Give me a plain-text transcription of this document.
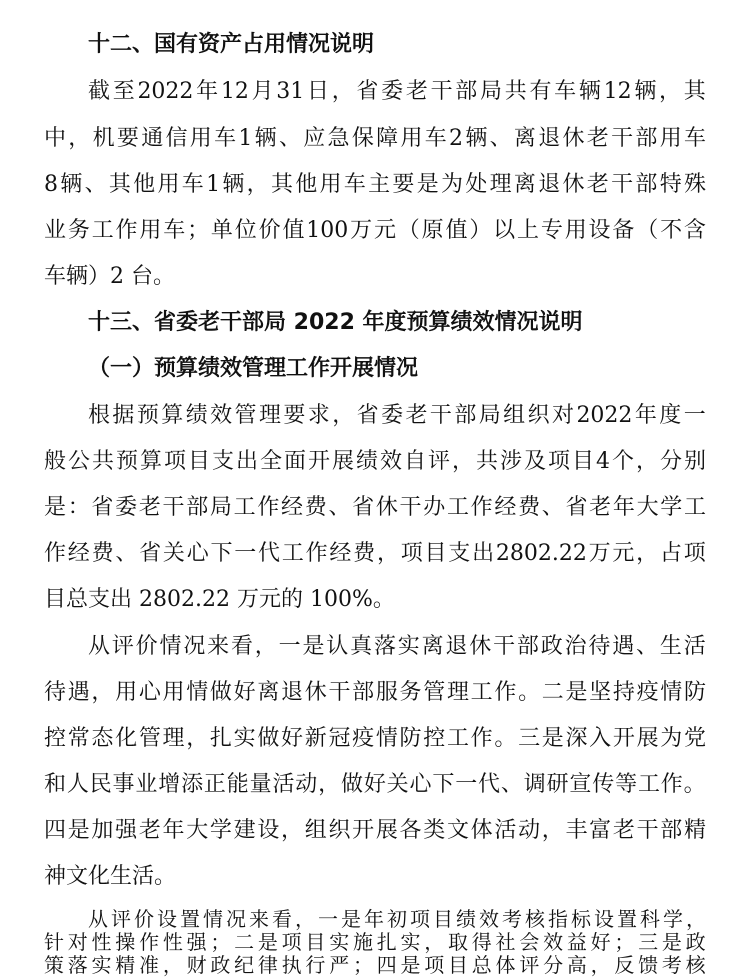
十二、国有资产占用情况说明
截 至 2022 年 12 月 31 日 ， 省 委 老 干 部 局 共 有 车 辆 12 辆 ， 其
中 ， 机 要 通 信 用 车 1 辆 、 应 急 保 障 用 车 2 辆 、 离 退 休 老 干 部 用 车
8 辆 、 其 他 用 车 1 辆 ， 其 他 用 车 主 要 是 为 处 理 离 退 休 老 干 部 特 殊
业 务 工 作 用 车 ； 单 位 价 值 100 万 元 （ 原 值 ） 以 上 专 用 设 备 （ 不 含
车辆）2 台。
十三、省委老干部局 2022 年度预算绩效情况说明
（一）预算绩效管理工作开展情况
根 据 预 算 绩 效 管 理 要 求 ， 省 委 老 干 部 局 组 织 对 2022 年 度 一
般 公 共 预 算 项 目 支 出 全 面 开 展 绩 效 自 评 ， 共 涉 及 项 目 4 个 ， 分 别
是 ： 省 委 老 干 部 局 工 作 经 费 、 省 休 干 办 工 作 经 费 、 省 老 年 大 学 工
作 经 费 、 省 关 心 下 一 代 工 作 经 费 ， 项 目 支 出 2802.22 万 元 ， 占 项
目总支出 2802.22 万元的 100%。
从 评 价 情 况 来 看 ， 一 是 认 真 落 实 离 退 休 干 部 政 治 待 遇 、 生 活
待 遇 ， 用 心 用 情 做 好 离 退 休 干 部 服 务 管 理 工 作 。 二 是 坚 持 疫 情 防
控 常 态 化 管 理 ， 扎 实 做 好 新 冠 疫 情 防 控 工 作 。 三 是 深 入 开 展 为 党
和 人 民 事 业 增 添 正 能 量 活 动 ， 做 好 关 心 下 一 代 、 调 研 宣 传 等 工 作 。
四 是 加 强 老 年 大 学 建 设 ， 组 织 开 展 各 类 文 体 活 动 ， 丰 富 老 干 部 精
神文化生活。
从 评 价 设 置 情 况 来 看 ， 一 是 年 初 项 目 绩 效 考 核 指 标 设 置 科 学 ，
针 对 性 操 作 性 强 ； 二 是 项 目 实 施 扎 实 ， 取 得 社 会 效 益 好 ； 三 是 政
策 落 实 精 准 ， 财 政 纪 律 执 行 严 ； 四 是 项 目 总 体 评 分 高 ， 反 馈 考 核
